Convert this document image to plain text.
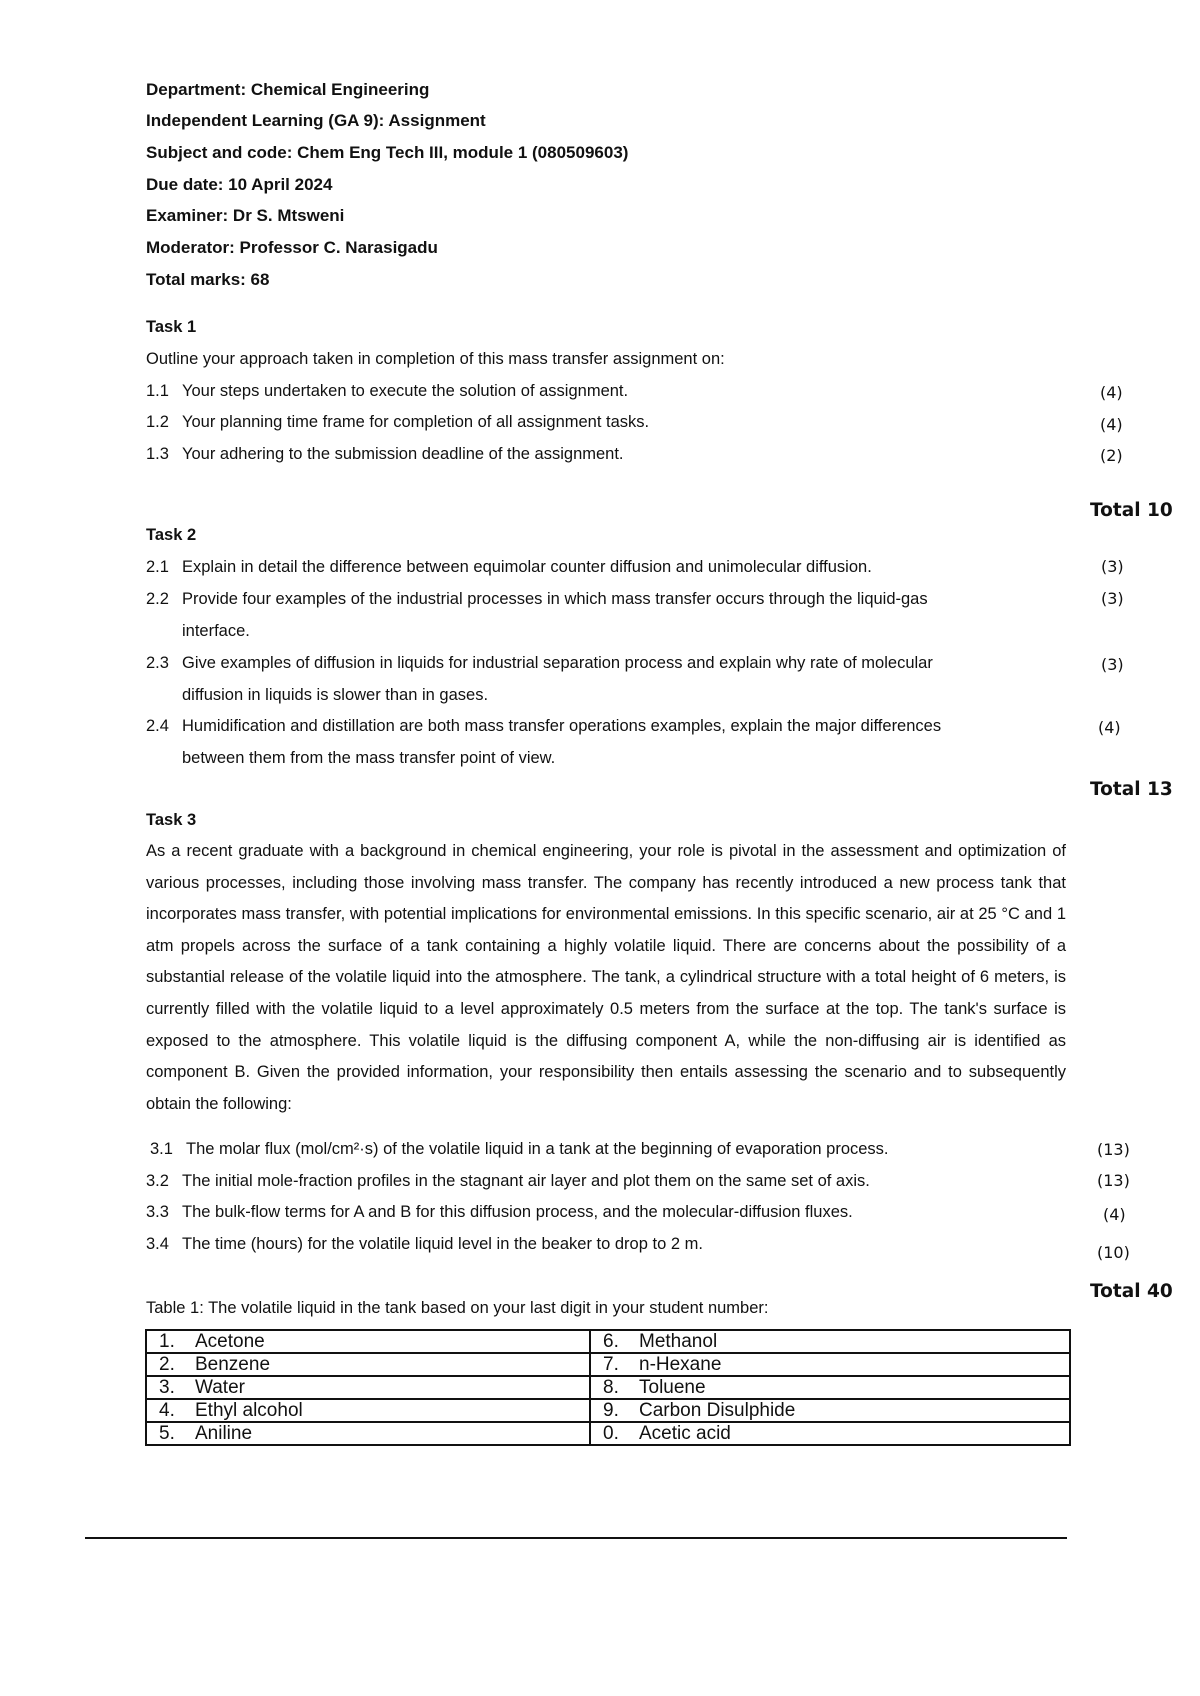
Department: Chemical Engineering
Independent Learning (GA 9): Assignment
Subject and code: Chem Eng Tech III, module 1 (080509603)
Due date: 10 April 2024
Examiner: Dr S. Mtsweni
Moderator: Professor C. Narasigadu
Total marks: 68
Task 1
Outline your approach taken in completion of this mass transfer assignment on:
1.1 Your steps undertaken to execute the solution of assignment.	(4)
1.2 Your planning time frame for completion of all assignment tasks.	(4)
1.3 Your adhering to the submission deadline of the assignment.	(2)
Total 10
Task 2
2.1 Explain in detail the difference between equimolar counter diffusion and unimolecular diffusion.	(3)
2.2 Provide four examples of the industrial processes in which mass transfer occurs through the liquid-gas
interface.
(3)
2.3 Give examples of diffusion in liquids for industrial separation process and explain why rate of molecular
diffusion in liquids is slower than in gases.
(3)
2.4 Humidification and distillation are both mass transfer operations examples, explain the major differences
between them from the mass transfer point of view.
(4)
Total 13
Task 3

As a recent graduate with a background in chemical engineering, your role is pivotal in the assessment and optimization of various processes, including those involving mass transfer. The company has recently introduced a new process tank that incorporates mass transfer, with potential implications for environmental emissions. In this specific scenario, air at 25 °C and 1 atm propels across the surface of a tank containing a highly volatile liquid. There are concerns about the possibility of a substantial release of the volatile liquid into the atmosphere. The tank, a cylindrical structure with a total height of 6 meters, is currently filled with the volatile liquid to a level approximately 0.5 meters from the surface at the top. The tank's surface is exposed to the atmosphere. This volatile liquid is the diffusing component A, while the non-diffusing air is identified as component B. Given the provided information, your responsibility then entails assessing the scenario and to subsequently obtain the following:

3.1 The molar flux (mol/cm²·s) of the volatile liquid in a tank at the beginning of evaporation process.	(13)
3.2 The initial mole-fraction profiles in the stagnant air layer and plot them on the same set of axis.	(13)
3.3 The bulk-flow terms for A and B for this diffusion process, and the molecular-diffusion fluxes.	(4)
3.4 The time (hours) for the volatile liquid level in the beaker to drop to 2 m.	(10)
Total 40
Table 1: The volatile liquid in the tank based on your last digit in your student number:
1. Acetone	6. Methanol
2. Benzene	7. n-Hexane
3. Water	8. Toluene
4. Ethyl alcohol	9. Carbon Disulphide
5. Aniline	0. Acetic acid
